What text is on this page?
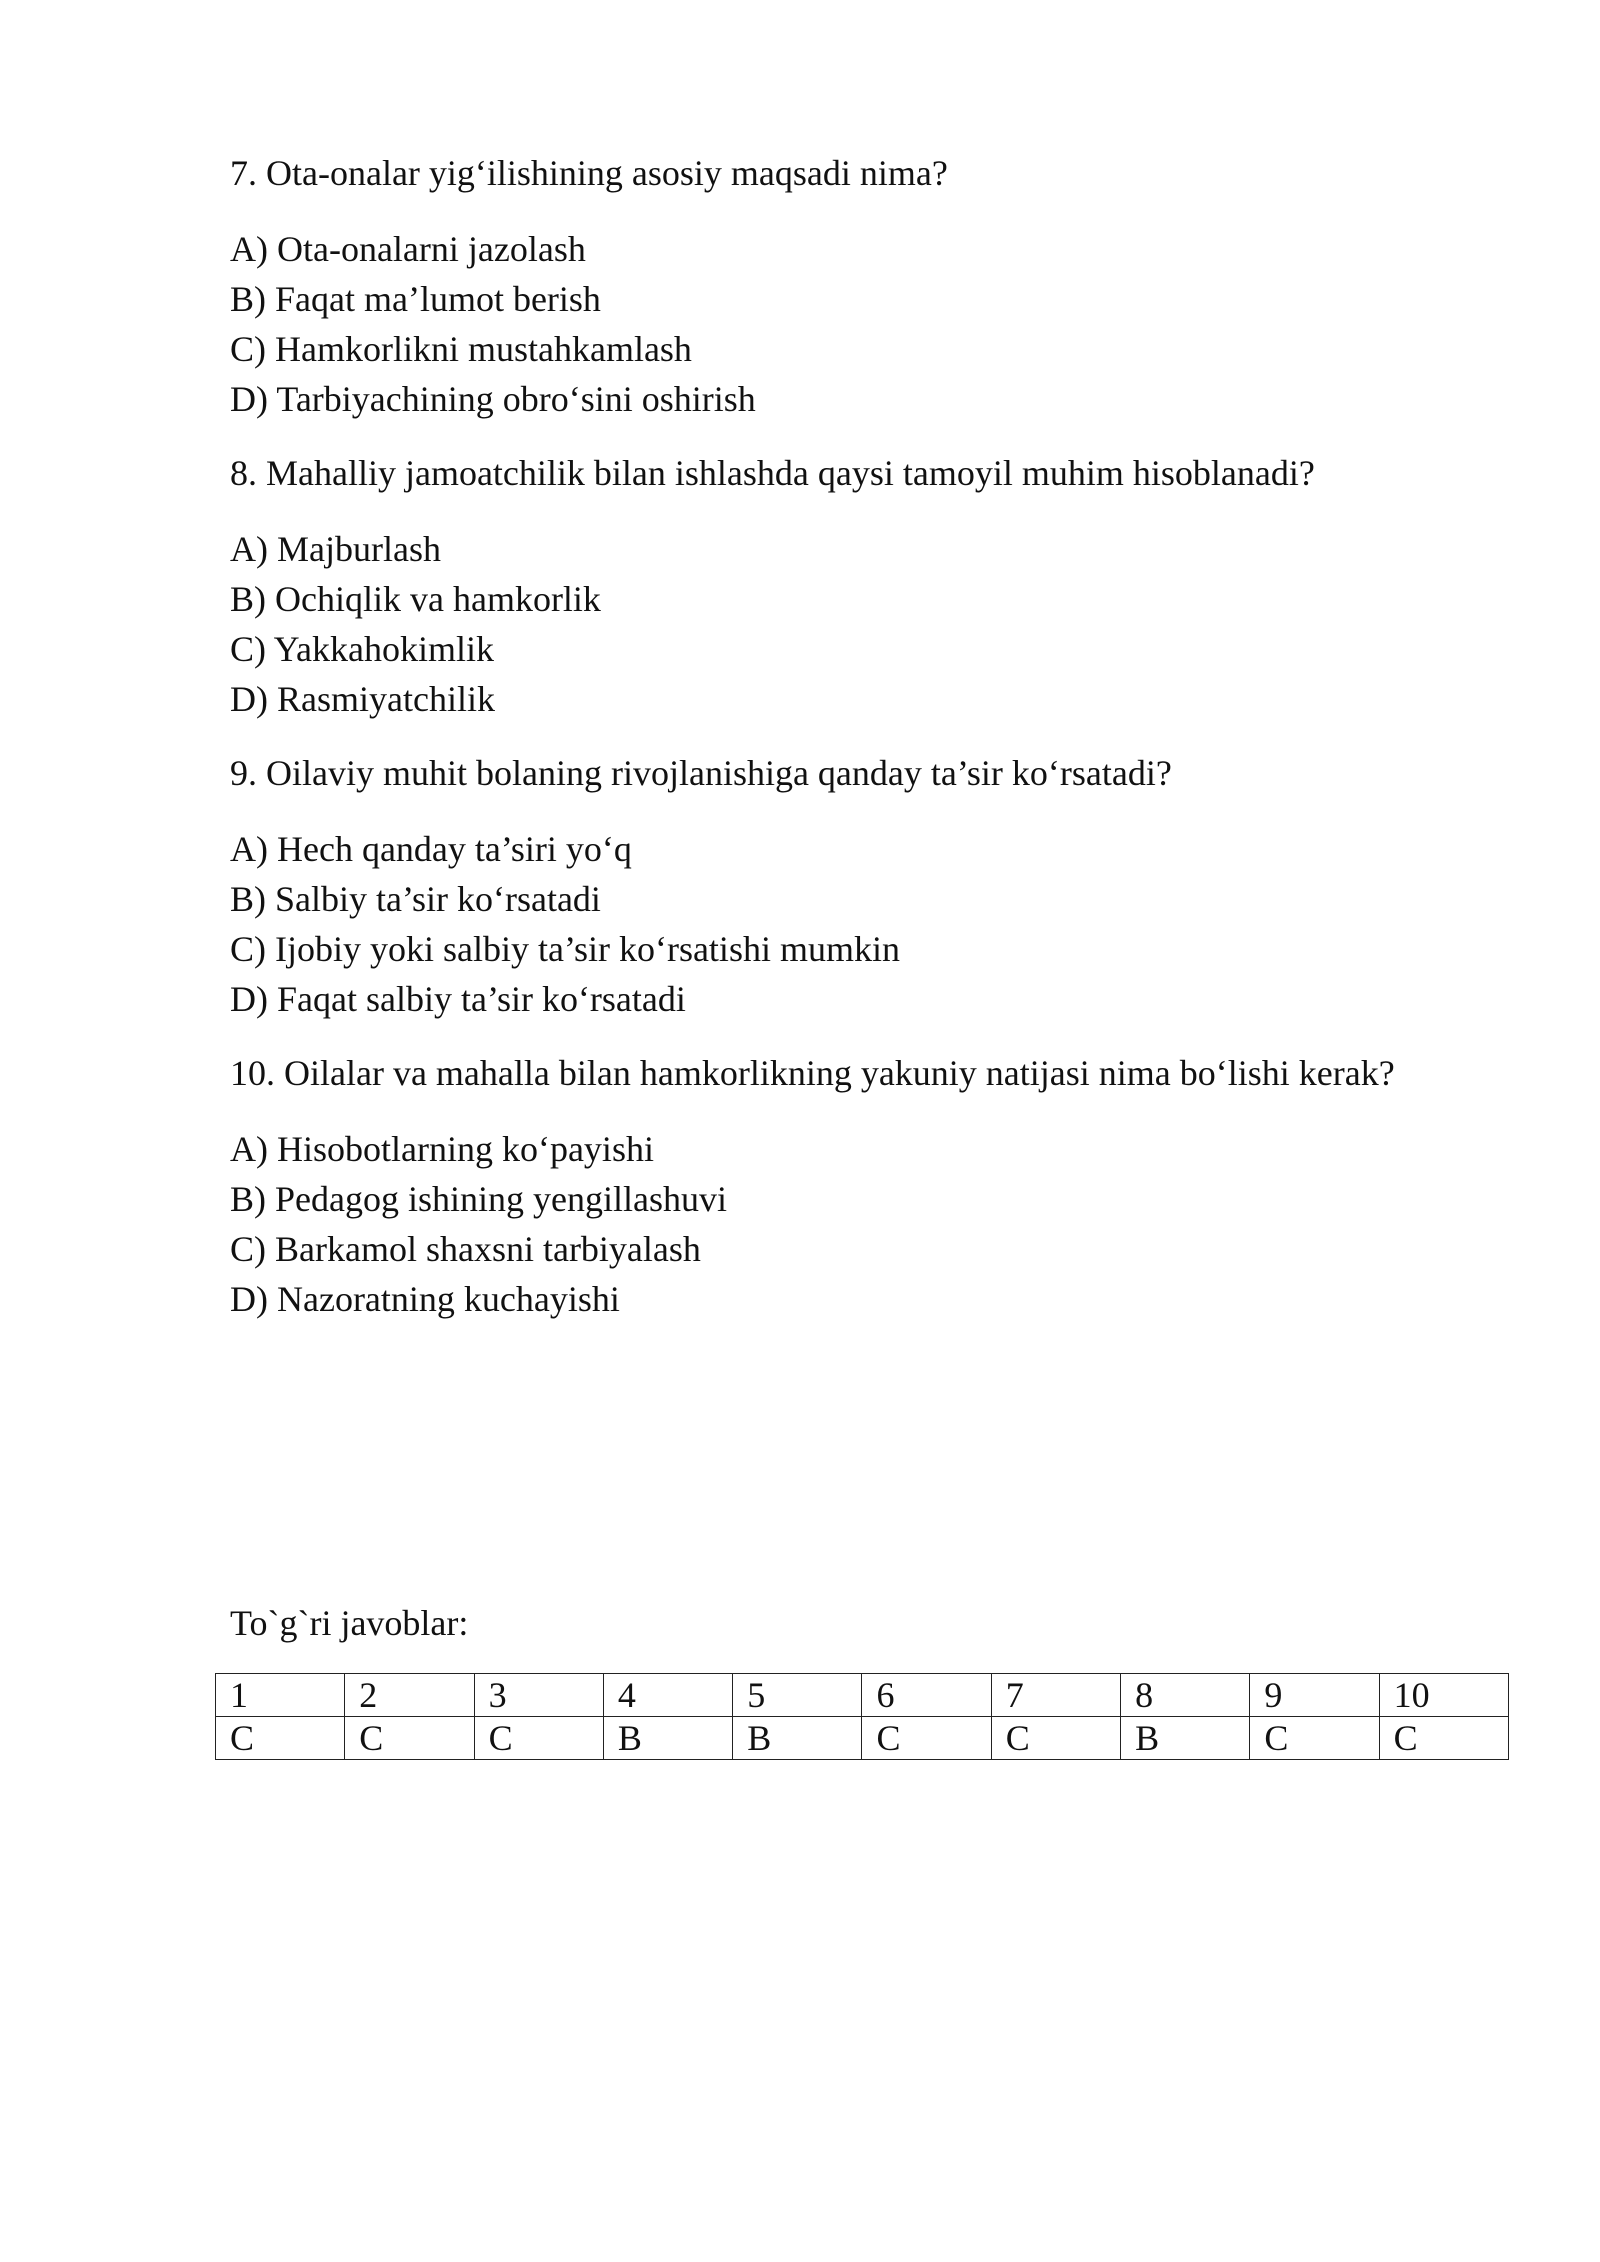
7. Ota-onalar yig‘ilishining asosiy maqsadi nima?

A) Ota-onalarni jazolash
B) Faqat ma’lumot berish
C) Hamkorlikni mustahkamlash
D) Tarbiyachining obro‘sini oshirish

8. Mahalliy jamoatchilik bilan ishlashda qaysi tamoyil muhim hisoblanadi?

A) Majburlash
B) Ochiqlik va hamkorlik
C) Yakkahokimlik
D) Rasmiyatchilik

9. Oilaviy muhit bolaning rivojlanishiga qanday ta’sir ko‘rsatadi?

A) Hech qanday ta’siri yo‘q
B) Salbiy ta’sir ko‘rsatadi
C) Ijobiy yoki salbiy ta’sir ko‘rsatishi mumkin
D) Faqat salbiy ta’sir ko‘rsatadi

10. Oilalar va mahalla bilan hamkorlikning yakuniy natijasi nima bo‘lishi kerak?

A) Hisobotlarning ko‘payishi
B) Pedagog ishining yengillashuvi
C) Barkamol shaxsni tarbiyalash
D) Nazoratning kuchayishi
To`g`ri javoblar:
1	2	3	4	5	6	7	8	9	10
C	C	C	B	B	C	C	B	C	C
